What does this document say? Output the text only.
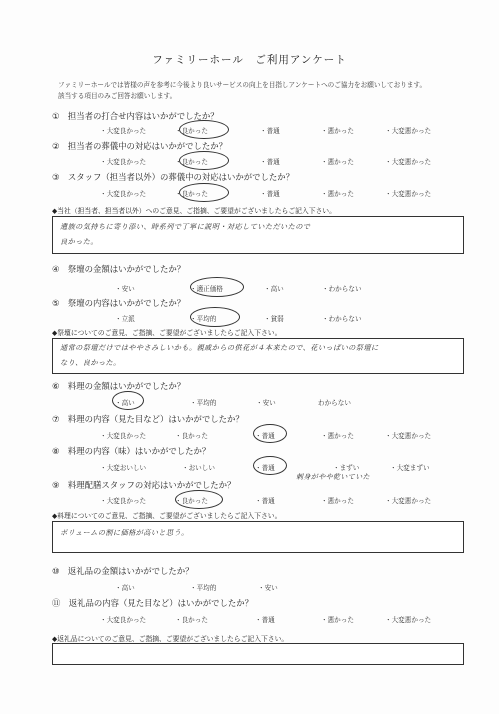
ファミリーホール　ご利用アンケート
ファミリーホールでは皆様の声を参考に今後より良いサービスの向上を目指しアンケートへのご協力をお願いしております。
該当する項目のみご回答お願いします。
①　担当者の打合せ内容はいかがでしたか？
・大変良かった	・良かった	・普通	・悪かった	・大変悪かった
②　担当者の葬儀中の対応はいかがでしたか？
・大変良かった	・良かった	・普通	・悪かった	・大変悪かった
③　スタッフ（担当者以外）の葬儀中の対応はいかがでしたか？
・大変良かった	・良かった	・普通	・悪かった	・大変悪かった
◆当社（担当者、担当者以外）へのご意見、ご指摘、ご要望がございましたらご記入下さい。
遺族の気持ちに寄り添い、時系列で丁寧に説明・対応していただいたので
良かった。
④　祭壇の金額はいかがでしたか？
・安い	・適正価格	・高い	・わからない
⑤　祭壇の内容はいかがでしたか？
・立派	・平均的	・貧弱	・わからない
◆祭壇についてのご意見、ご指摘、ご要望がございましたらご記入下さい。
通常の祭壇だけではややさみしいかも。親戚からの供花が４本来たので、花いっぱいの祭壇に
なり、良かった。
⑥　料理の金額はいかがでしたか？
・高い	・平均的	・安い	わからない
⑦　料理の内容（見た目など）はいかがでしたか？
・大変良かった	・良かった	・普通	・悪かった	・大変悪かった
⑧　料理の内容（味）はいかがでしたか？
・大変おいしい	・おいしい	・普通	・まずい	・大変まずい
刺身がやや乾いていた
⑨　料理配膳スタッフの対応はいかがでしたか？
・大変良かった	・良かった	・普通	・悪かった	・大変悪かった
◆料理についてのご意見、ご指摘、ご要望がございましたらご記入下さい。
ボリュームの割に価格が高いと思う。
⑩　返礼品の金額はいかがでしたか？
・高い	・平均的	・安い
⑪　返礼品の内容（見た目など）はいかがでしたか？
・大変良かった	・良かった	・普通	・悪かった	・大変悪かった
◆返礼品についてのご意見、ご指摘、ご要望がございましたらご記入下さい。
